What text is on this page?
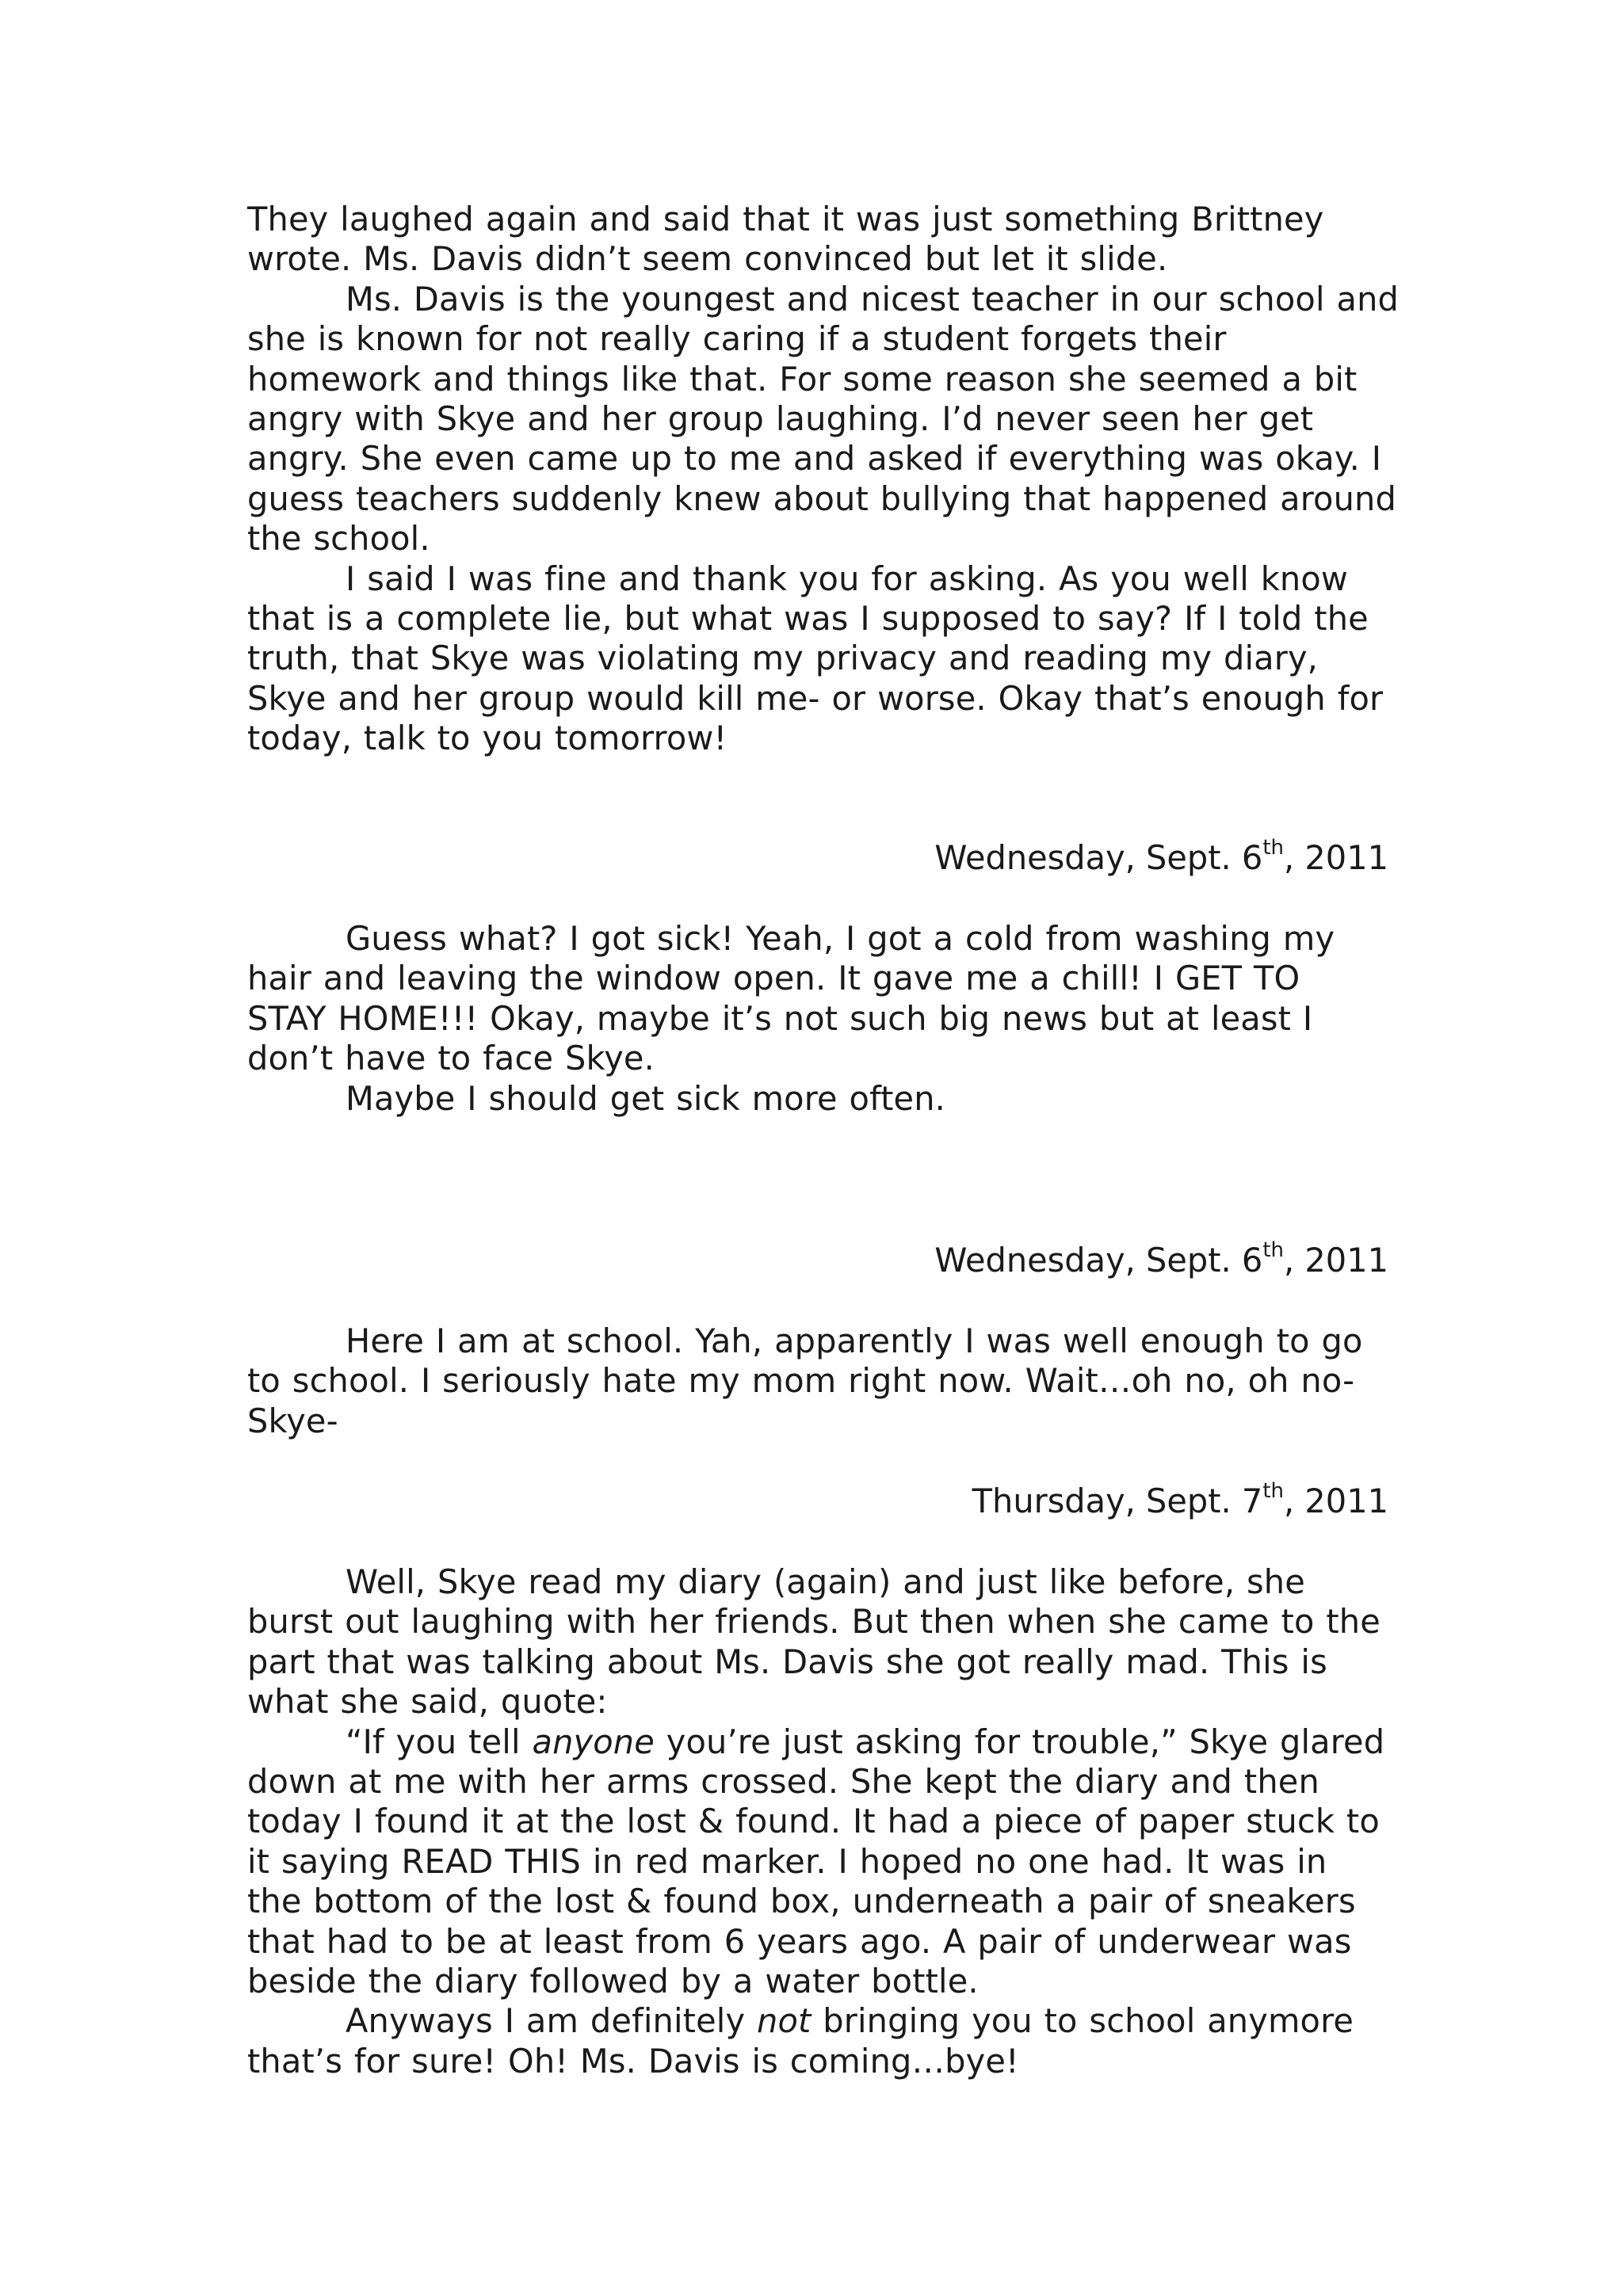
They laughed again and said that it was just something Brittney

wrote. Ms. Davis didn’t seem convinced but let it slide.

Ms. Davis is the youngest and nicest teacher in our school and

she is known for not really caring if a student forgets their

homework and things like that. For some reason she seemed a bit

angry with Skye and her group laughing. I’d never seen her get

angry. She even came up to me and asked if everything was okay. I

guess teachers suddenly knew about bullying that happened around

the school.

I said I was fine and thank you for asking. As you well know

that is a complete lie, but what was I supposed to say? If I told the

truth, that Skye was violating my privacy and reading my diary,

Skye and her group would kill me- or worse. Okay that’s enough for

today, talk to you tomorrow!

Wednesday, Sept. 6th, 2011

Guess what? I got sick! Yeah, I got a cold from washing my

hair and leaving the window open. It gave me a chill! I GET TO

STAY HOME!!! Okay, maybe it’s not such big news but at least I

don’t have to face Skye.

Maybe I should get sick more often.

Wednesday, Sept. 6th, 2011

Here I am at school. Yah, apparently I was well enough to go

to school. I seriously hate my mom right now. Wait…oh no, oh no-

Skye-

Thursday, Sept. 7th, 2011

Well, Skye read my diary (again) and just like before, she

burst out laughing with her friends. But then when she came to the

part that was talking about Ms. Davis she got really mad. This is

what she said, quote:

“If you tell anyone you’re just asking for trouble,” Skye glared

down at me with her arms crossed. She kept the diary and then

today I found it at the lost & found. It had a piece of paper stuck to

it saying READ THIS in red marker. I hoped no one had. It was in

the bottom of the lost & found box, underneath a pair of sneakers

that had to be at least from 6 years ago. A pair of underwear was

beside the diary followed by a water bottle.

Anyways I am definitely not bringing you to school anymore

that’s for sure! Oh! Ms. Davis is coming…bye!
